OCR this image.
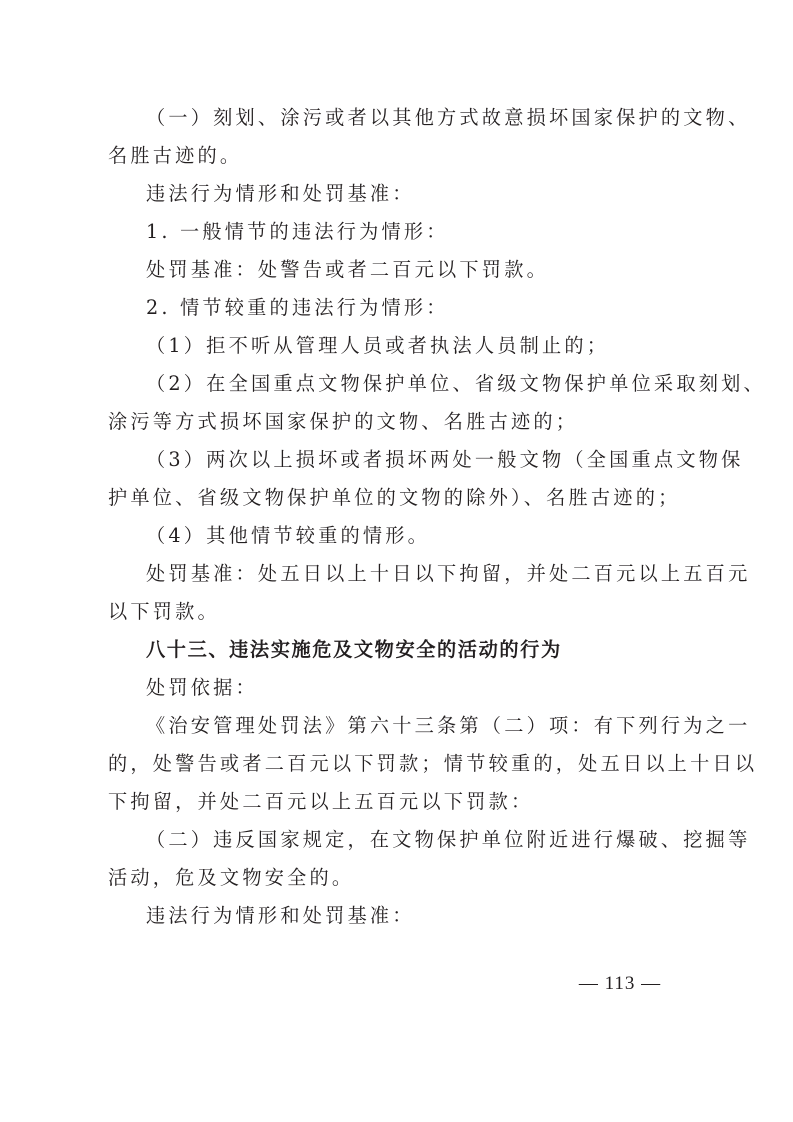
（一）刻划、涂污或者以其他方式故意损坏国家保护的文物、
名胜古迹的。
违法行为情形和处罚基准：
1. 一般情节的违法行为情形：
处罚基准：处警告或者二百元以下罚款。
2. 情节较重的违法行为情形：
（1）拒不听从管理人员或者执法人员制止的；
（2）在全国重点文物保护单位、省级文物保护单位采取刻划、
涂污等方式损坏国家保护的文物、名胜古迹的；
（3）两次以上损坏或者损坏两处一般文物（全国重点文物保
护单位、省级文物保护单位的文物的除外）、名胜古迹的；
（4）其他情节较重的情形。
处罚基准：处五日以上十日以下拘留，并处二百元以上五百元
以下罚款。
八十三、违法实施危及文物安全的活动的行为
处罚依据：
《治安管理处罚法》第六十三条第（二）项：有下列行为之一
的，处警告或者二百元以下罚款；情节较重的，处五日以上十日以
下拘留，并处二百元以上五百元以下罚款：
（二）违反国家规定，在文物保护单位附近进行爆破、挖掘等
活动，危及文物安全的。
违法行为情形和处罚基准：
— 113 —
